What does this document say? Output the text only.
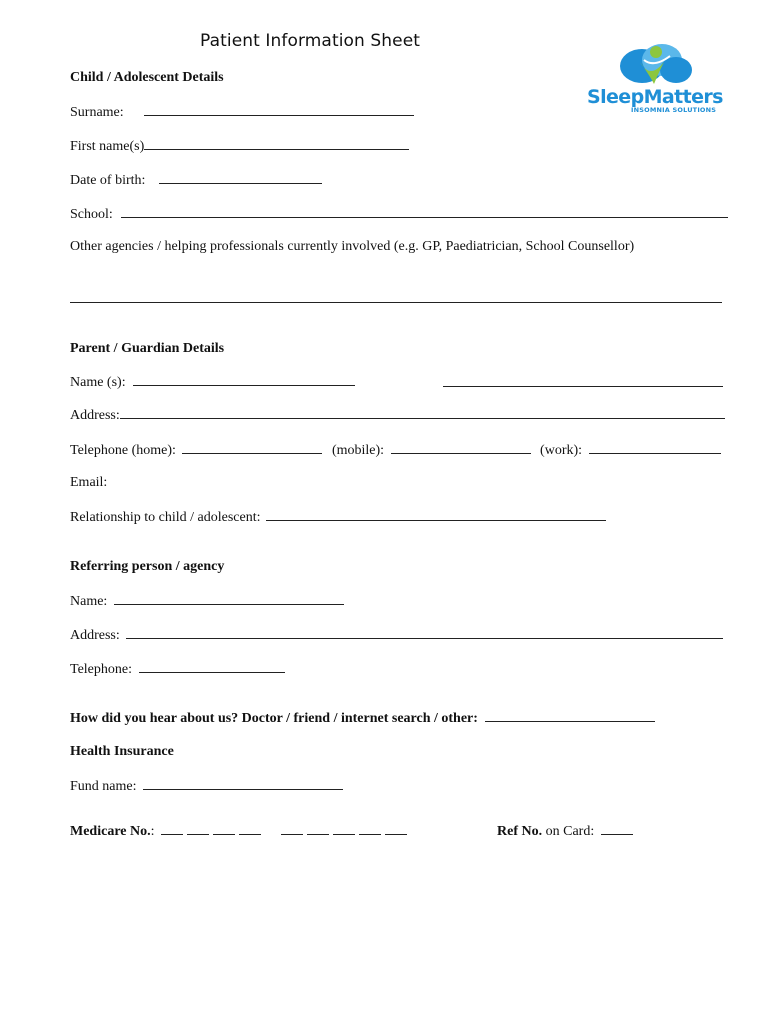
Patient Information Sheet
SleepMatters
INSOMNIA SOLUTIONS
Child / Adolescent Details
Surname:
First name(s)
Date of birth:
School:
Other agencies / helping professionals currently involved (e.g. GP, Paediatrician, School Counsellor)
Parent / Guardian Details
Name (s):
Address:
Telephone (home):	(mobile):	(work):
Email:
Relationship to child / adolescent:
Referring person / agency
Name:
Address:
Telephone:
How did you hear about us? Doctor / friend / internet search / other:
Health Insurance
Fund name:
Medicare No.:	Ref No. on Card:
